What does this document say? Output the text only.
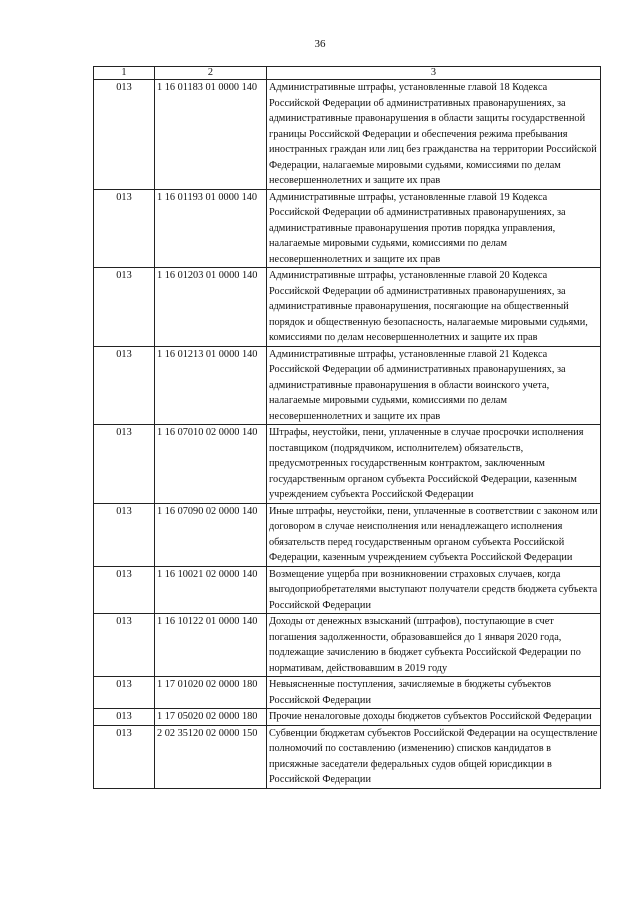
36
1	2	3
013	1 16 01183 01 0000 140	Административные штрафы, установленные главой 18 Кодекса Российской Федерации об административных правонарушениях, за административные правонарушения в области защиты государственной границы Российской Федерации и обеспечения режима пребывания иностранных граждан или лиц без гражданства на территории Российской Федерации, налагаемые мировыми судьями, комиссиями по делам несовершеннолетних и защите их прав
013	1 16 01193 01 0000 140	Административные штрафы, установленные главой 19 Кодекса Российской Федерации об административных правонарушениях, за административные правонарушения против порядка управления, налагаемые мировыми судьями, комиссиями по делам несовершеннолетних и защите их прав
013	1 16 01203 01 0000 140	Административные штрафы, установленные главой 20 Кодекса Российской Федерации об административных правонарушениях, за административные правонарушения, посягающие на общественный порядок и общественную безопасность, налагаемые мировыми судьями, комиссиями по делам несовершеннолетних и защите их прав
013	1 16 01213 01 0000 140	Административные штрафы, установленные главой 21 Кодекса Российской Федерации об административных правонарушениях, за административные правонарушения в области воинского учета, налагаемые мировыми судьями, комиссиями по делам несовершеннолетних и защите их прав
013	1 16 07010 02 0000 140	Штрафы, неустойки, пени, уплаченные в случае просрочки исполнения поставщиком (подрядчиком, исполнителем) обязательств, предусмотренных государственным контрактом, заключенным государственным органом субъекта Российской Федерации, казенным учреждением субъекта Российской Федерации
013	1 16 07090 02 0000 140	Иные штрафы, неустойки, пени, уплаченные в соответствии с законом или договором в случае неисполнения или ненадлежащего исполнения обязательств перед государственным органом субъекта Российской Федерации, казенным учреждением субъекта Российской Федерации
013	1 16 10021 02 0000 140	Возмещение ущерба при возникновении страховых случаев, когда выгодоприобретателями выступают получатели средств бюджета субъекта Российской Федерации
013	1 16 10122 01 0000 140	Доходы от денежных взысканий (штрафов), поступающие в счет погашения задолженности, образовавшейся до 1 января 2020 года, подлежащие зачислению в бюджет субъекта Российской Федерации по нормативам, действовавшим в 2019 году
013	1 17 01020 02 0000 180	Невыясненные поступления, зачисляемые в бюджеты субъектов Российской Федерации
013	1 17 05020 02 0000 180	Прочие неналоговые доходы бюджетов субъектов Российской Федерации
013	2 02 35120 02 0000 150	Субвенции бюджетам субъектов Российской Федерации на осуществление полномочий по составлению (изменению) списков кандидатов в присяжные заседатели федеральных судов общей юрисдикции в Российской Федерации
